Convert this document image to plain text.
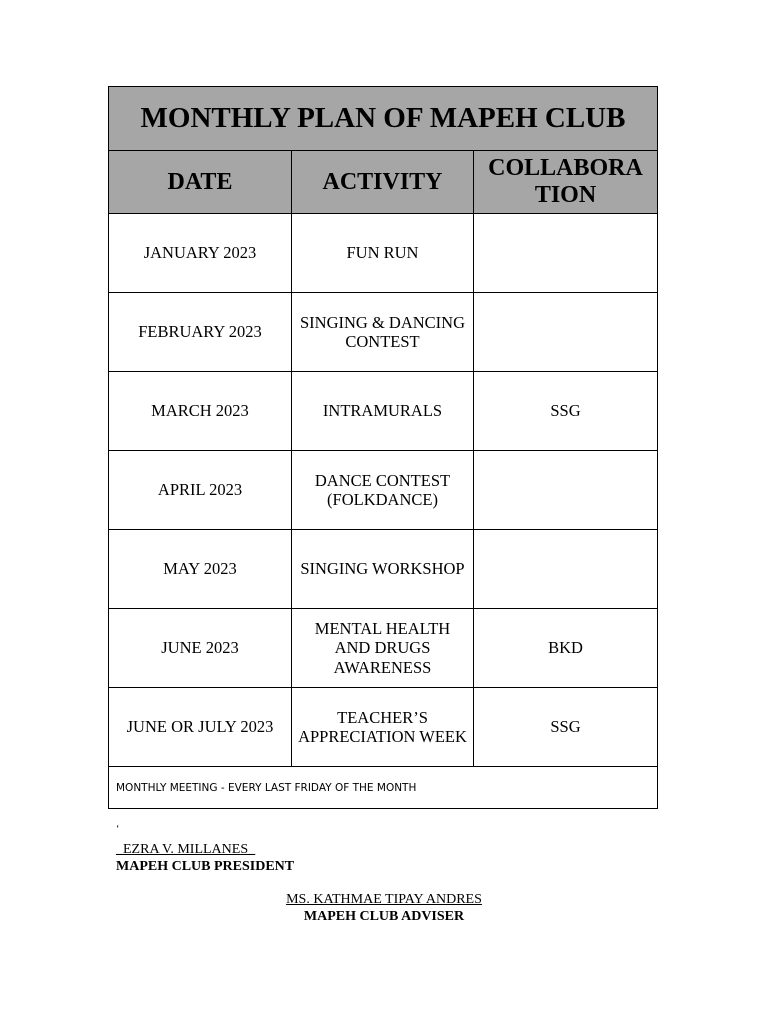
MONTHLY PLAN OF MAPEH CLUB		
DATE	ACTIVITY	COLLABORA TION
JANUARY 2023	FUN RUN	
FEBRUARY 2023	SINGING & DANCING CONTEST	
MARCH 2023	INTRAMURALS	SSG
APRIL 2023	DANCE CONTEST (FOLKDANCE)	
MAY 2023	SINGING WORKSHOP	
JUNE 2023	MENTAL HEALTH AND DRUGS AWARENESS	BKD
JUNE OR JULY 2023	TEACHER’S APPRECIATION WEEK	SSG
MONTHLY MEETING - EVERY LAST FRIDAY OF THE MONTH		
‘
_EZRA V. MILLANES_
MAPEH CLUB PRESIDENT
MS. KATHMAE TIPAY ANDRES
MAPEH CLUB ADVISER
